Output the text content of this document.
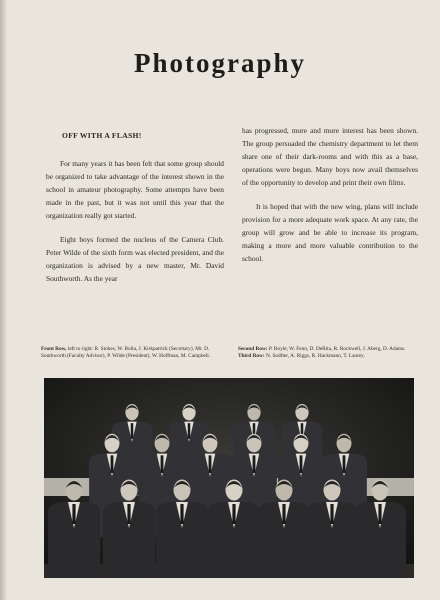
Photography
OFF WITH A FLASH!

For many years it has been felt that some group should be organized to take advantage of the interest shown in the school in amateur photography. Some attempts have been made in the past, but it was not until this year that the organization really got started.

Eight boys formed the nucleus of the Camera Club. Peter Wilde of the sixth form was elected president, and the organization is advised by a new master, Mr. David Southworth. As the year

has progressed, more and more interest has been shown. The group persuaded the chemistry department to let them share one of their dark-rooms and with this as a base, operations were begun. Many boys now avail themselves of the opportunity to develop and print their own films.

It is hoped that with the new wing, plans will include provision for a more adequate work space. At any rate, the group will grow and be able to increase its program, making a more and more valuable contribution to the school.

Front Row, left to right: R. Stokes, W. Bolla, J. Kirkpatrick (Secretary), Mr. D. Southworth (Faculty Advisor), P. Wilde (President), W. Hoffman, M. Campbell.
Second Row: P. Boyle, W. Fenn, D. DeRita, R. Rockwell, J. Aberg, D. Adams.
Third Row: N. Sodfter, A. Riggs, R. Hackmann, T. Laurey.
